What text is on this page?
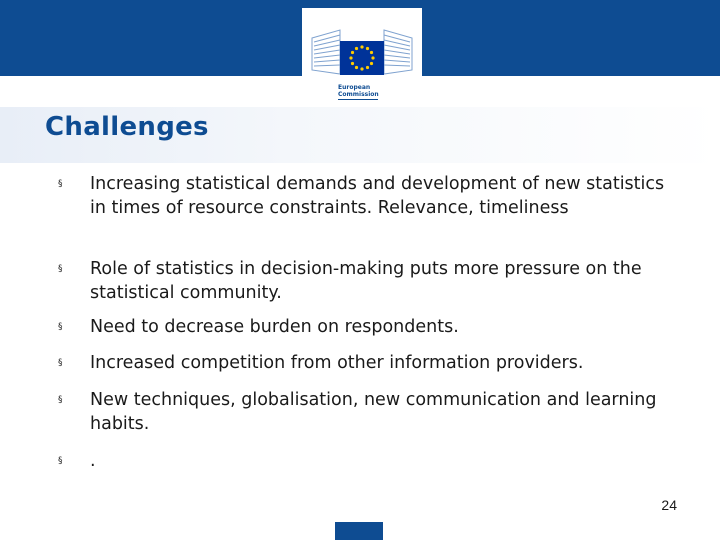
European
Commission
Challenges
§ Increasing statistical demands and development of new statistics in times of resource constraints. Relevance, timeliness
§ Role of statistics in decision-making puts more pressure on the statistical community.
§ Need to decrease burden on respondents.
§ Increased competition from other information providers.
§ New techniques, globalisation, new communication and learning habits.
§ .
24
